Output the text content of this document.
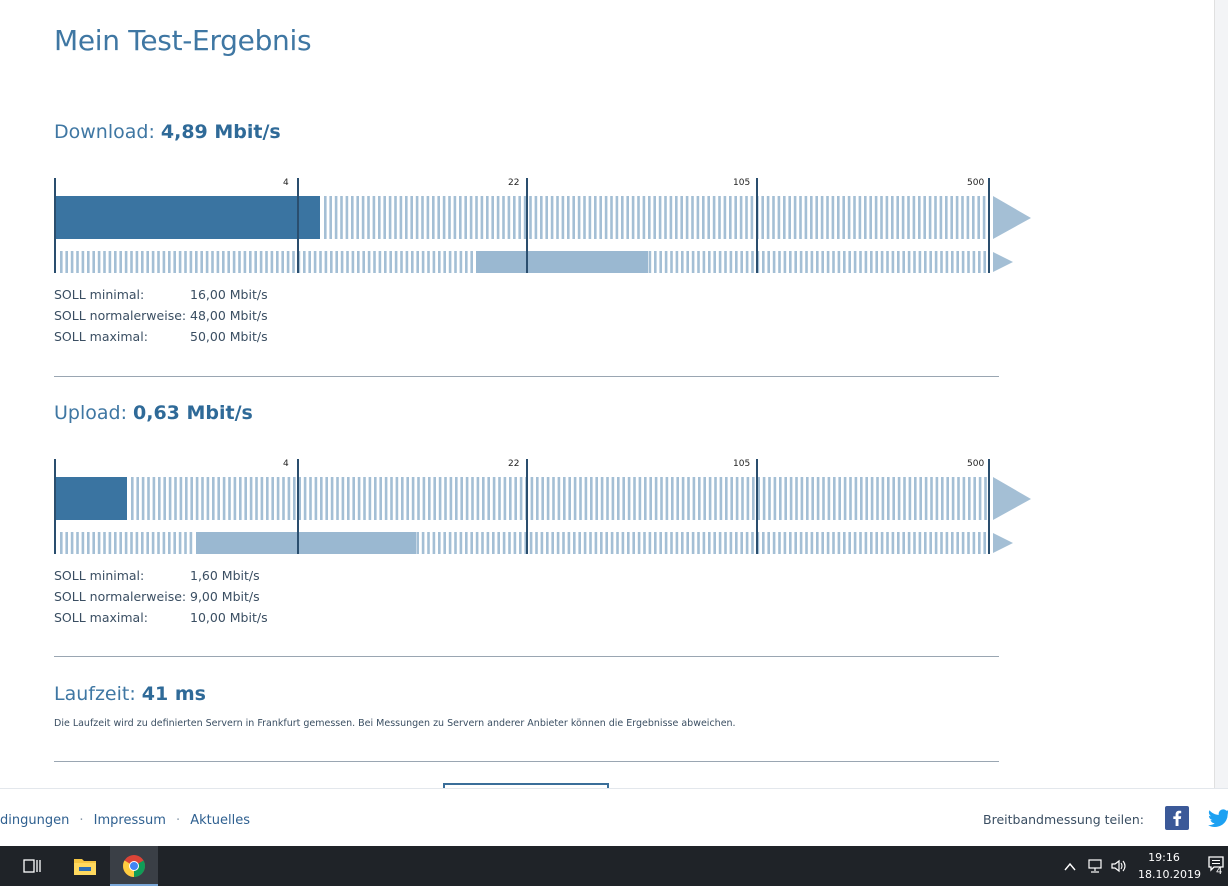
Mein Test-Ergebnis
Download: 4,89 Mbit/s
4	22	105	500
SOLL minimal:	16,00 Mbit/s
SOLL normalerweise: 48,00 Mbit/s
SOLL maximal:	50,00 Mbit/s
Upload: 0,63 Mbit/s
4	22	105	500
SOLL minimal:	1,60 Mbit/s
SOLL normalerweise: 9,00 Mbit/s
SOLL maximal:	10,00 Mbit/s
Laufzeit: 41 ms
Die Laufzeit wird zu definierten Servern in Frankfurt gemessen. Bei Messungen zu Servern anderer Anbieter können die Ergebnisse abweichen.
dingungen · Impressum · Aktuelles	Breitbandmessung teilen:
19:16
18.10.2019 4
